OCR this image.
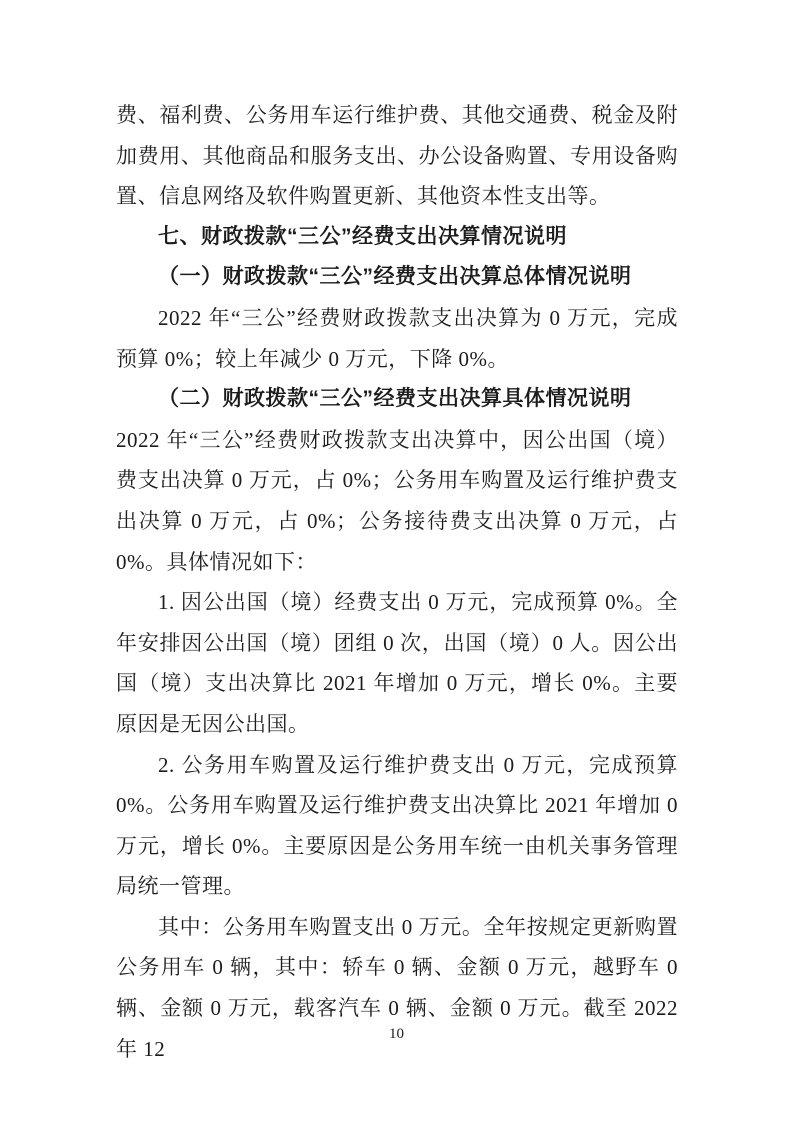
费、福利费、公务用车运行维护费、其他交通费、税金及附加费用、其他商品和服务支出、办公设备购置、专用设备购置、信息网络及软件购置更新、其他资本性支出等。

七、财政拨款“三公”经费支出决算情况说明

（一）财政拨款“三公”经费支出决算总体情况说明

2022 年“三公”经费财政拨款支出决算为 0 万元，完成预算 0%；较上年减少 0 万元，下降 0%。

（二）财政拨款“三公”经费支出决算具体情况说明

2022 年“三公”经费财政拨款支出决算中，因公出国（境）费支出决算 0 万元，占 0%；公务用车购置及运行维护费支出决算 0 万元，占 0%；公务接待费支出决算 0 万元，占 0%。具体情况如下：

1. 因公出国（境）经费支出 0 万元，完成预算 0%。全年安排因公出国（境）团组 0 次，出国（境）0 人。因公出国（境）支出决算比 2021 年增加 0 万元，增长 0%。主要原因是无因公出国。

2. 公务用车购置及运行维护费支出 0 万元，完成预算 0%。公务用车购置及运行维护费支出决算比 2021 年增加 0 万元，增长 0%。主要原因是公务用车统一由机关事务管理局统一管理。

其中：公务用车购置支出 0 万元。全年按规定更新购置公务用车 0 辆，其中：轿车 0 辆、金额 0 万元，越野车 0 辆、金额 0 万元，载客汽车 0 辆、金额 0 万元。截至 2022 年 12

10
